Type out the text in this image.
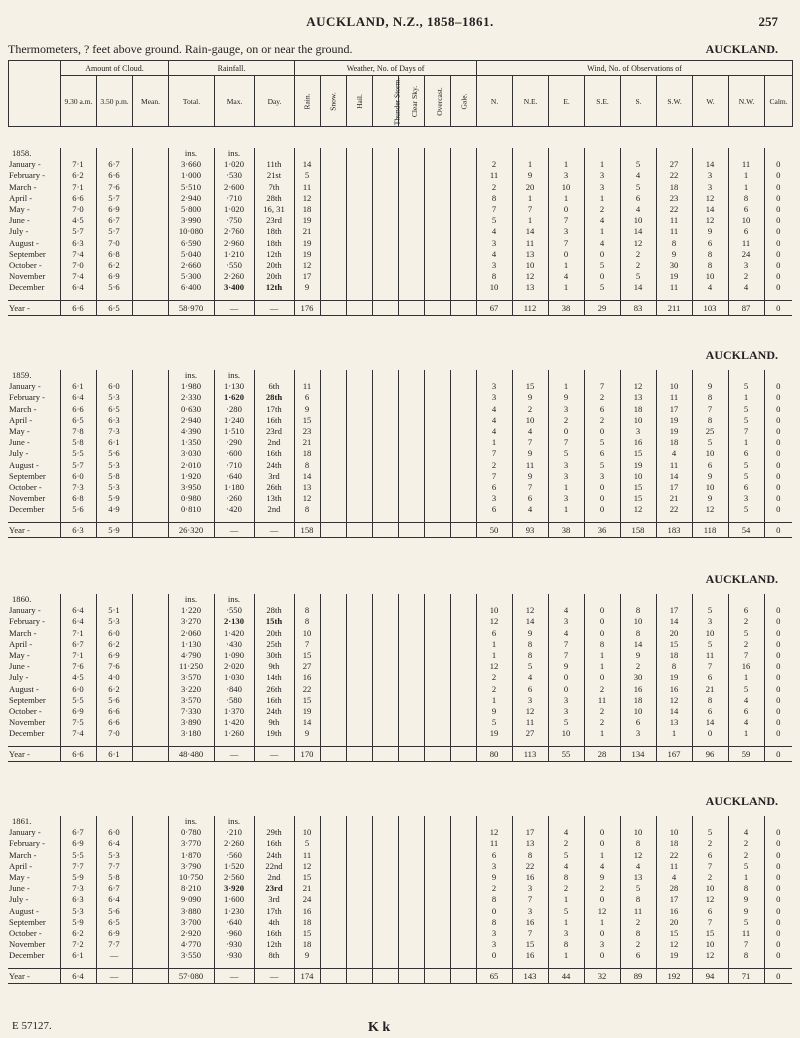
AUCKLAND, N.Z., 1858–1861.	257
Thermometers, ? feet above ground. Rain-gauge, on or near the ground.	AUCKLAND.
	Amount of Cloud.			Rainfall.			Weather, No. of Days of							Wind, No. of Observations of								
	9.30 a.m.	3.50 p.m.	Mean.	Total.	Max.	Day.	Rain.	Snow.	Hail.	Thunder Storm.	Clear Sky.	Overcast.	Gale.	N.	N.E.	E.	S.E.	S.	S.W.	W.	N.W.	Calm.
1858.				ins.	ins.																	
January -	7·1	6·7		3·660	1·020	11th	14							2	1	1	1	5	27	14	11	0
February -	6·2	6·6		1·000	·530	21st	5							11	9	3	3	4	22	3	1	0
March -	7·1	7·6		5·510	2·600	7th	11							2	20	10	3	5	18	3	1	0
April -	6·6	5·7		2·940	·710	28th	12							8	1	1	1	6	23	12	8	0
May -	7·0	6·9		5·800	1·020	16, 31	18							7	7	0	2	4	22	14	6	0
June -	4·5	6·7		3·990	·750	23rd	19							5	1	7	4	10	11	12	10	0
July -	5·7	5·7		10·080	2·760	18th	21							4	14	3	1	14	11	9	6	0
August -	6·3	7·0		6·590	2·960	18th	19							3	11	7	4	12	8	6	11	0
September	7·4	6·8		5·040	1·210	12th	19							4	13	0	0	2	9	8	24	0
October -	7·0	6·2		2·660	·550	20th	12							3	10	1	5	2	30	8	3	0
November	7·4	6·9		5·300	2·260	20th	17							8	12	4	0	5	19	10	2	0
December	6·4	5·6		6·400	3·400	12th	9							10	13	1	5	14	11	4	4	0

Year -	6·6	6·5		58·970	—	—	176							67	112	38	29	83	211	103	87	0
AUCKLAND.
1859.				ins.	ins.																	
January -	6·1	6·0		1·980	1·130	6th	11							3	15	1	7	12	10	9	5	0
February -	6·4	5·3		2·330	1·620	28th	6							3	9	9	2	13	11	8	1	0
March -	6·6	6·5		0·630	·280	17th	9							4	2	3	6	18	17	7	5	0
April -	6·5	6·3		2·940	1·240	16th	15							4	10	2	2	10	19	8	5	0
May -	7·8	7·3		4·390	1·510	23rd	23							4	4	0	0	3	19	25	7	0
June -	5·8	6·1		1·350	·290	2nd	21							1	7	7	5	16	18	5	1	0
July -	5·5	5·6		3·030	·600	16th	18							7	9	5	6	15	4	10	6	0
August -	5·7	5·3		2·010	·710	24th	8							2	11	3	5	19	11	6	5	0
September	6·0	5·8		1·920	·640	3rd	14							7	9	3	3	10	14	9	5	0
October -	7·3	5·3		3·950	1·180	26th	13							6	7	1	0	15	17	10	6	0
November	6·8	5·9		0·980	·260	13th	12							3	6	3	0	15	21	9	3	0
December	5·6	4·9		0·810	·420	2nd	8							6	4	1	0	12	22	12	5	0

Year -	6·3	5·9		26·320	—	—	158							50	93	38	36	158	183	118	54	0
AUCKLAND.
1860.				ins.	ins.																	
January -	6·4	5·1		1·220	·550	28th	8							10	12	4	0	8	17	5	6	0
February -	6·4	5·3		3·270	2·130	15th	8							12	14	3	0	10	14	3	2	0
March -	7·1	6·0		2·060	1·420	20th	10							6	9	4	0	8	20	10	5	0
April -	6·7	6·2		1·130	·430	25th	7							1	8	7	8	14	15	5	2	0
May -	7·1	6·9		4·790	1·090	30th	15							1	8	7	1	9	18	11	7	0
June -	7·6	7·6		11·250	2·020	9th	27							12	5	9	1	2	8	7	16	0
July -	4·5	4·0		3·570	1·030	14th	16							2	4	0	0	30	19	6	1	0
August -	6·0	6·2		3·220	·840	26th	22							2	6	0	2	16	16	21	5	0
September	5·5	5·6		3·570	·580	16th	15							1	3	3	11	18	12	8	4	0
October -	6·9	6·6		7·330	1·370	24th	19							9	12	3	2	10	14	6	6	0
November	7·5	6·6		3·890	1·420	9th	14							5	11	5	2	6	13	14	4	0
December	7·4	7·0		3·180	1·260	19th	9							19	27	10	1	3	1	0	1	0

Year -	6·6	6·1		48·480	—	—	170							80	113	55	28	134	167	96	59	0
AUCKLAND.
1861.				ins.	ins.																	
January -	6·7	6·0		0·780	·210	29th	10							12	17	4	0	10	10	5	4	0
February -	6·9	6·4		3·770	2·260	16th	5							11	13	2	0	8	18	2	2	0
March -	5·5	5·3		1·870	·560	24th	11							6	8	5	1	12	22	6	2	0
April -	7·7	7·7		3·790	1·520	22nd	12							3	22	4	4	4	11	7	5	0
May -	5·9	5·8		10·750	2·560	2nd	15							9	16	8	9	13	4	2	1	0
June -	7·3	6·7		8·210	3·920	23rd	21							2	3	2	2	5	28	10	8	0
July -	6·3	6·4		9·090	1·600	3rd	24							8	7	1	0	8	17	12	9	0
August -	5·3	5·6		3·880	1·230	17th	16							0	3	5	12	11	16	6	9	0
September	5·9	6·5		3·700	·640	4th	18							8	16	1	1	2	20	7	5	0
October -	6·2	6·9		2·920	·960	16th	15							3	7	3	0	8	15	15	11	0
November	7·2	7·7		4·770	·930	12th	18							3	15	8	3	2	12	10	7	0
December	6·1	—		3·550	·930	8th	9							0	16	1	0	6	19	12	8	0

Year -	6·4	—		57·080	—	—	174							65	143	44	32	89	192	94	71	0
E 57127.	K k
